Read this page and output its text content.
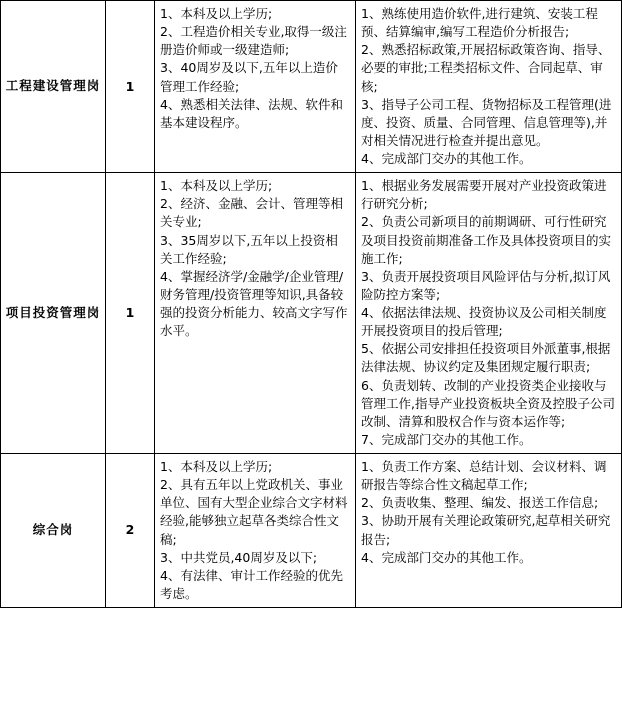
工程建设管理岗	1	
1、本科及以上学历;
2、工程造价相关专业,取得一级注册造价师或一级建造师;
3、40周岁及以下,五年以上造价管理工作经验;
4、熟悉相关法律、法规、软件和基本建设程序。

1、熟练使用造价软件,进行建筑、安装工程预、结算编审,编写工程造价分析报告;
2、熟悉招标政策,开展招标政策咨询、指导、必要的审批;工程类招标文件、合同起草、审核;
3、指导子公司工程、货物招标及工程管理(进度、投资、质量、合同管理、信息管理等),并对相关情况进行检查并提出意见。
4、完成部门交办的其他工作。

项目投资管理岗	1	
1、本科及以上学历;
2、经济、金融、会计、管理等相关专业;
3、35周岁以下,五年以上投资相关工作经验;
4、掌握经济学/金融学/企业管理/财务管理/投资管理等知识,具备较强的投资分析能力、较高文字写作水平。

1、根据业务发展需要开展对产业投资政策进行研究分析;
2、负责公司新项目的前期调研、可行性研究及项目投资前期准备工作及具体投资项目的实施工作;
3、负责开展投资项目风险评估与分析,拟订风险防控方案等;
4、依据法律法规、投资协议及公司相关制度开展投资项目的投后管理;
5、依据公司安排担任投资项目外派董事,根据法律法规、协议约定及集团规定履行职责;
6、负责划转、改制的产业投资类企业接收与管理工作,指导产业投资板块全资及控股子公司改制、清算和股权合作与资本运作等;
7、完成部门交办的其他工作。

综合岗	2	
1、本科及以上学历;
2、具有五年以上党政机关、事业单位、国有大型企业综合文字材料经验,能够独立起草各类综合性文稿;
3、中共党员,40周岁及以下;
4、有法律、审计工作经验的优先考虑。

1、负责工作方案、总结计划、会议材料、调研报告等综合性文稿起草工作;
2、负责收集、整理、编发、报送工作信息;
3、协助开展有关理论政策研究,起草相关研究报告;
4、完成部门交办的其他工作。
